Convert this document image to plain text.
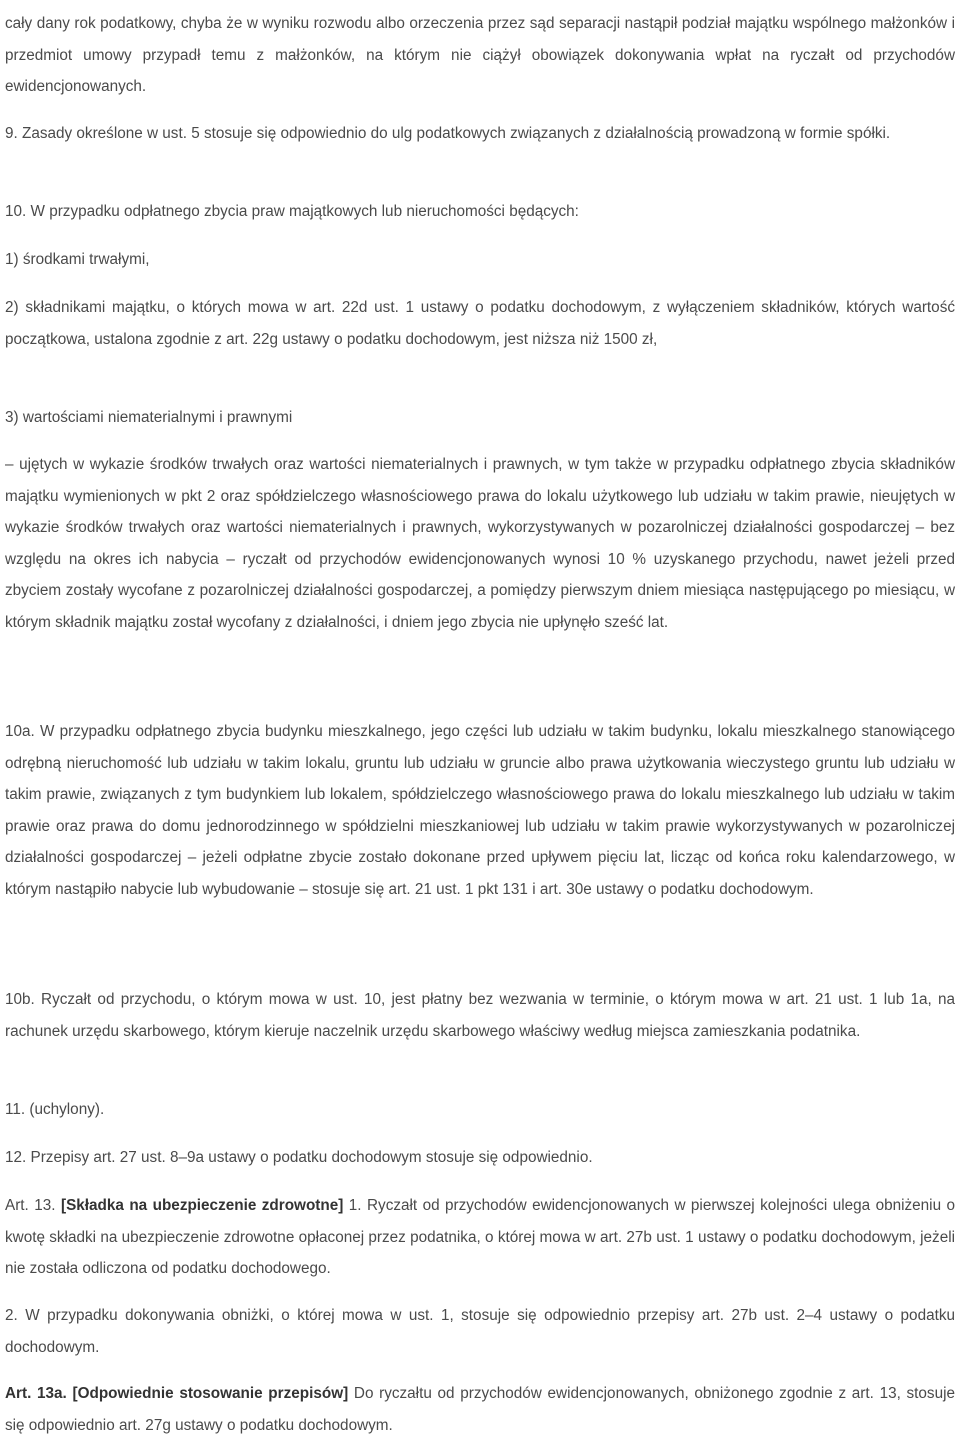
cały dany rok podatkowy, chyba że w wyniku rozwodu albo orzeczenia przez sąd separacji nastąpił podział majątku wspólnego małżonków i przedmiot umowy przypadł temu z małżonków, na którym nie ciążył obowiązek dokonywania wpłat na ryczałt od przychodów ewidencjonowanych.

9. Zasady określone w ust. 5 stosuje się odpowiednio do ulg podatkowych związanych z działalnością prowadzoną w formie spółki.

10. W przypadku odpłatnego zbycia praw majątkowych lub nieruchomości będących:

1) środkami trwałymi,

2) składnikami majątku, o których mowa w art. 22d ust. 1 ustawy o podatku dochodowym, z wyłączeniem składników, których wartość początkowa, ustalona zgodnie z art. 22g ustawy o podatku dochodowym, jest niższa niż 1500 zł,

3) wartościami niematerialnymi i prawnymi

– ujętych w wykazie środków trwałych oraz wartości niematerialnych i prawnych, w tym także w przypadku odpłatnego zbycia składników majątku wymienionych w pkt 2 oraz spółdzielczego własnościowego prawa do lokalu użytkowego lub udziału w takim prawie, nieujętych w wykazie środków trwałych oraz wartości niematerialnych i prawnych, wykorzystywanych w pozarolniczej działalności gospodarczej – bez względu na okres ich nabycia – ryczałt od przychodów ewidencjonowanych wynosi 10 % uzyskanego przychodu, nawet jeżeli przed zbyciem zostały wycofane z pozarolniczej działalności gospodarczej, a pomiędzy pierwszym dniem miesiąca następującego po miesiącu, w którym składnik majątku został wycofany z działalności, i dniem jego zbycia nie upłynęło sześć lat.

10a. W przypadku odpłatnego zbycia budynku mieszkalnego, jego części lub udziału w takim budynku, lokalu mieszkalnego stanowiącego odrębną nieruchomość lub udziału w takim lokalu, gruntu lub udziału w gruncie albo prawa użytkowania wieczystego gruntu lub udziału w takim prawie, związanych z tym budynkiem lub lokalem, spółdzielczego własnościowego prawa do lokalu mieszkalnego lub udziału w takim prawie oraz prawa do domu jednorodzinnego w spółdzielni mieszkaniowej lub udziału w takim prawie wykorzystywanych w pozarolniczej działalności gospodarczej – jeżeli odpłatne zbycie zostało dokonane przed upływem pięciu lat, licząc od końca roku kalendarzowego, w którym nastąpiło nabycie lub wybudowanie – stosuje się art. 21 ust. 1 pkt 131 i art. 30e ustawy o podatku dochodowym.

10b. Ryczałt od przychodu, o którym mowa w ust. 10, jest płatny bez wezwania w terminie, o którym mowa w art. 21 ust. 1 lub 1a, na rachunek urzędu skarbowego, którym kieruje naczelnik urzędu skarbowego właściwy według miejsca zamieszkania podatnika.

11. (uchylony).

12. Przepisy art. 27 ust. 8–9a ustawy o podatku dochodowym stosuje się odpowiednio.

Art. 13. [Składka na ubezpieczenie zdrowotne] 1. Ryczałt od przychodów ewidencjonowanych w pierwszej kolejności ulega obniżeniu o kwotę składki na ubezpieczenie zdrowotne opłaconej przez podatnika, o której mowa w art. 27b ust. 1 ustawy o podatku dochodowym, jeżeli nie została odliczona od podatku dochodowego.

2. W przypadku dokonywania obniżki, o której mowa w ust. 1, stosuje się odpowiednio przepisy art. 27b ust. 2–4 ustawy o podatku dochodowym.

Art. 13a. [Odpowiednie stosowanie przepisów] Do ryczałtu od przychodów ewidencjonowanych, obniżonego zgodnie z art. 13, stosuje się odpowiednio art. 27g ustawy o podatku dochodowym.
